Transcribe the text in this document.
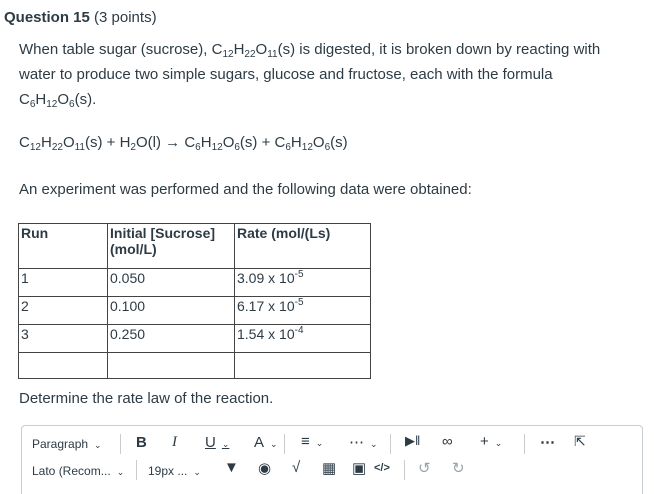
Question 15 (3 points)
When table sugar (sucrose), $C_{12}H_{22}O_{11}(s)$ is digested, it is broken down by reacting with water to produce two simple sugars, glucose and fructose, each with the formula $C_6H_{12}O_6(s)$.
$C_{12}H_{22}O_{11}(s) + H_2O(l) \to C_6H_{12}O_6(s) + C_6H_{12}O_6(s)$
An experiment was performed and the following data were obtained:
Run	Initial [Sucrose] (mol/L)	Rate (mol/(Ls)
1	0.050	3.09 x $10^{-5}$
2	0.100	6.17 x $10^{-5}$
3	0.250	1.54 x $10^{-4}$

Determine the rate law of the reaction.
Paragraph ⌄ B I U ⌄ A ⌄ ≡ ⌄ ⋯ ⌄ ▶‖ ∞ + ⌄	⋯ ⇱
Lato (Recom... ⌄ 19px ... ⌄ ▼ ◉ √ ▦ ▣ </> ↺ ↻
